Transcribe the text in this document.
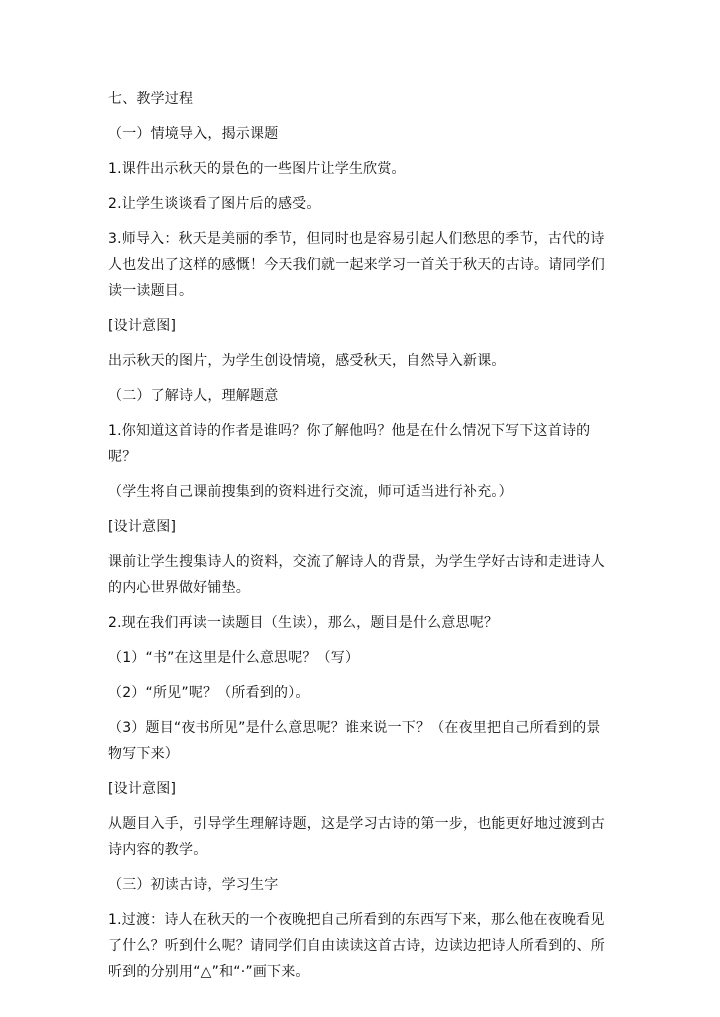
七、教学过程

（一）情境导入，揭示课题

1.课件出示秋天的景色的一些图片让学生欣赏。

2.让学生谈谈看了图片后的感受。

3.师导入：秋天是美丽的季节，但同时也是容易引起人们愁思的季节，古代的诗人也发出了这样的感慨！今天我们就一起来学习一首关于秋天的古诗。请同学们读一读题目。

[设计意图]

出示秋天的图片，为学生创设情境，感受秋天，自然导入新课。

（二）了解诗人，理解题意

1.你知道这首诗的作者是谁吗？你了解他吗？他是在什么情况下写下这首诗的呢？

（学生将自己课前搜集到的资料进行交流，师可适当进行补充。）

[设计意图]

课前让学生搜集诗人的资料，交流了解诗人的背景，为学生学好古诗和走进诗人的内心世界做好铺垫。

2.现在我们再读一读题目（生读），那么，题目是什么意思呢？

（1）“书”在这里是什么意思呢？（写）

（2）“所见”呢？（所看到的）。

（3）题目“夜书所见”是什么意思呢？谁来说一下？（在夜里把自己所看到的景物写下来）

[设计意图]

从题目入手，引导学生理解诗题，这是学习古诗的第一步，也能更好地过渡到古诗内容的教学。

（三）初读古诗，学习生字

1.过渡：诗人在秋天的一个夜晚把自己所看到的东西写下来，那么他在夜晚看见了什么？听到什么呢？请同学们自由读读这首古诗，边读边把诗人所看到的、所听到的分别用“△”和“·”画下来。
